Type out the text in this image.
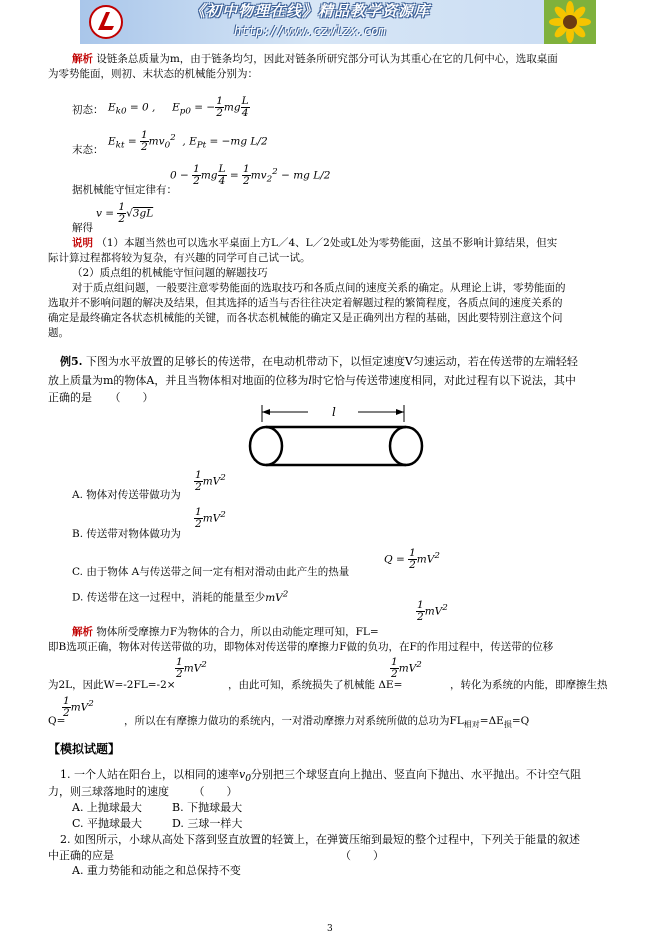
《初中物理在线》精品教学资源库
http://www.czwlzx.com
解析 设链条总质量为m，由于链条均匀，因此对链条所研究部分可认为其重心在它的几何中心，选取桌面
为零势能面，则初、末状态的机械能分别为：
初态： $E_{k0} = 0$ ,     $E_{p0}$ = − $\frac{1}{2}$ mg $\frac{L}{4}$
末态：
$E_{kt} = \frac{1}{2} mv_0^2$  , $E_{Pt} = -mg$ L/2
$0 - \frac{1}{2}$ mg $\frac{L}{4} = \frac{1}{2} mv_2^2$ − mg L/2
据机械能守恒定律有：
$v = \frac{1}{2} √3gL$
解得
说明 （1）本题当然也可以选水平桌面上方L／4、L／2处或L处为零势能面，这虽不影响计算结果，但实
际计算过程都将较为复杂，有兴趣的同学可自己试一试。
（2）质点组的机械能守恒问题的解题技巧
对于质点组问题，一般要注意零势能面的选取技巧和各质点间的速度关系的确定。从理论上讲，零势能面的
选取并不影响问题的解决及结果，但其选择的适当与否往往决定着解题过程的繁简程度，各质点间的速度关系的
确定是最终确定各状态机械能的关键，而各状态机械能的确定又是正确列出方程的基础，因此要特别注意这个问
题。
例5. 下图为水平放置的足够长的传送带，在电动机带动下，以恒定速度V匀速运动，若在传送带的左端轻轻
放上质量为m的物体A，并且当物体相对地面的位移为l时它恰与传送带速度相同，对此过程有以下说法，其中
正确的是 （　　）
l
A. 物体对传送带做功为
$\frac{1}{2} mV^2$
B. 传送带对物体做功为
$\frac{1}{2} mV^2$
C. 由于物体 A与传送带之间一定有相对滑动由此产生的热量
$Q = \frac{1}{2} mV^2$
D. 传送带在这一过程中，消耗的能量至少$mV^2$
$\frac{1}{2} mV^2$
解析 物体所受摩擦力F为物体的合力，所以由动能定理可知，FL=
即B选项正确，物体对传送带做的功，即物体对传送带的摩擦力F做的负功，在F的作用过程中，传送带的位移
$\frac{1}{2} mV^2$	$\frac{1}{2} mV^2$
为2L，因此W=-2FL=-2×	，由此可知，系统损失了机械能 ΔE=	，转化为系统的内能，即摩擦生热
$\frac{1}{2} mV^2$
Q=	，所以在有摩擦力做功的系统内，一对滑动摩擦力对系统所做的总功为$FL_{相对}=\Delta E_损=Q$
【模拟试题】
1. 一个人站在阳台上，以相同的速率$v_0$分别把三个球竖直向上抛出、竖直向下抛出、水平抛出。不计空气阻
力，则三球落地时的速度 （　　）
A. 上抛球最大	B. 下抛球最大
C. 平抛球最大	D. 三球一样大
2. 如图所示，小球从高处下落到竖直放置的轻簧上，在弹簧压缩到最短的整个过程中，下列关于能量的叙述
中正确的应是	（　　）
A. 重力势能和动能之和总保持不变
3
